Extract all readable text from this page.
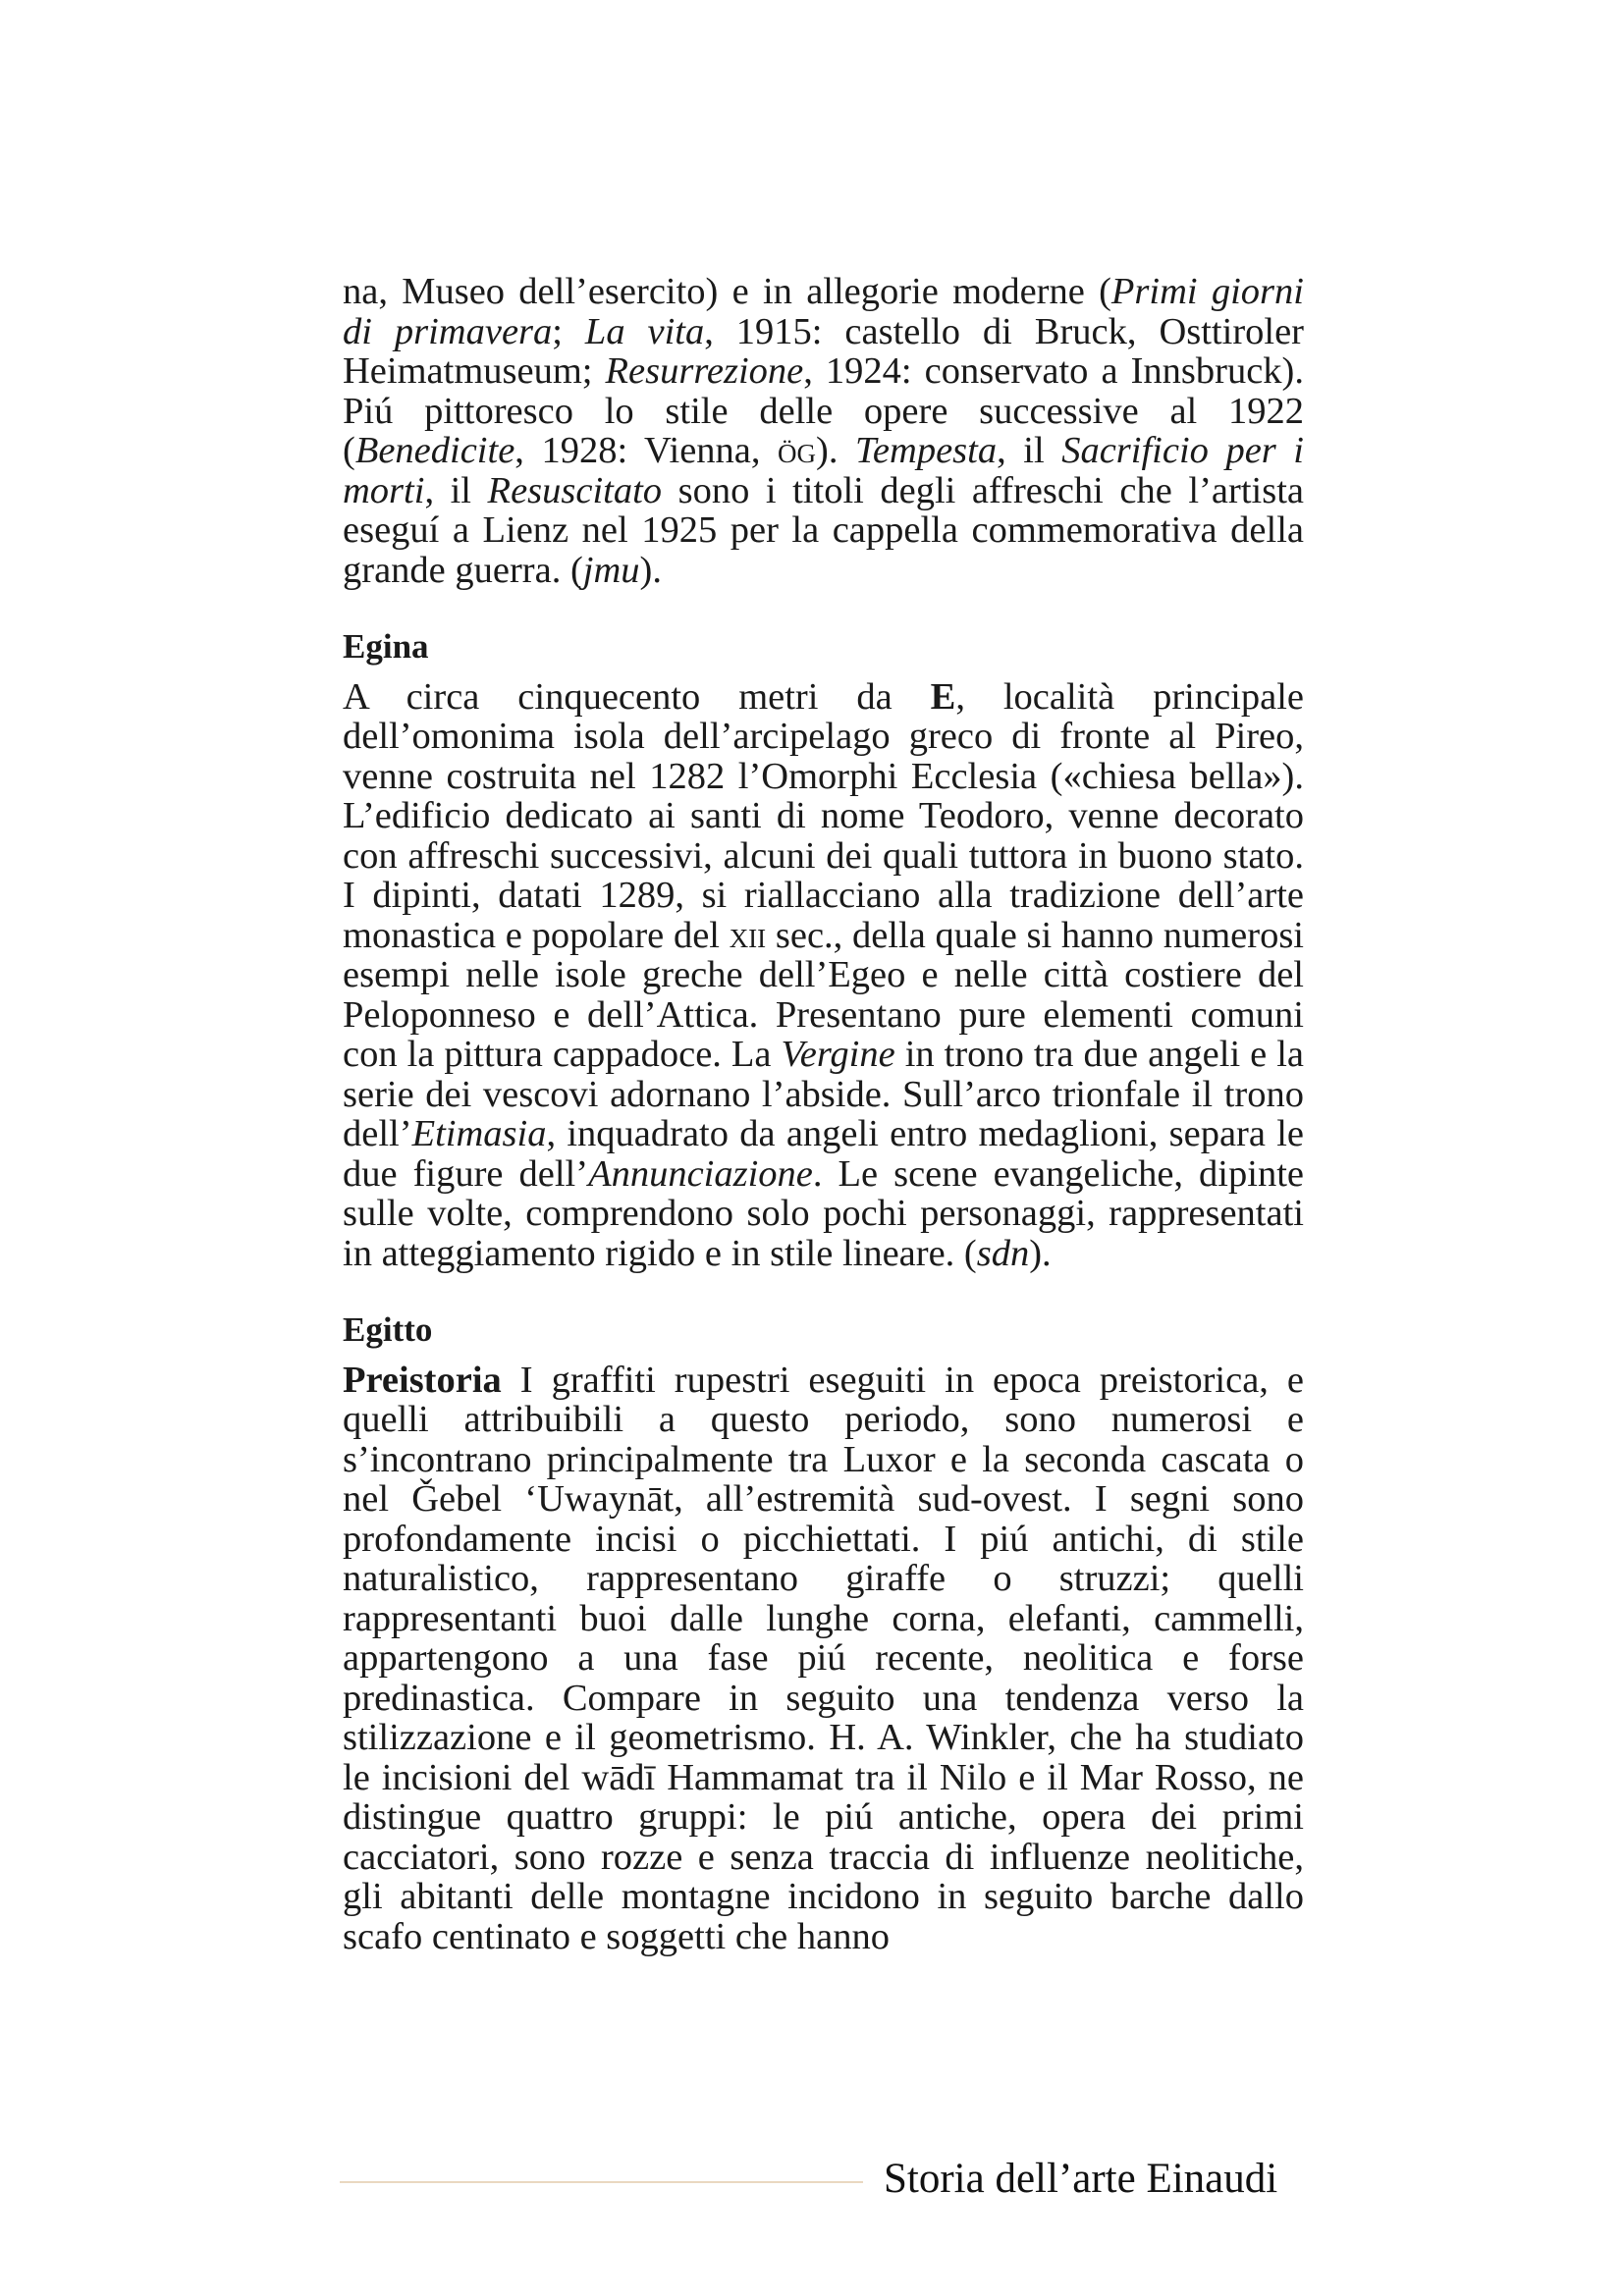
na, Museo dell’esercito) e in allegorie moderne (Primi giorni di primavera; La vita, 1915: castello di Bruck, Osttiroler Heimatmuseum; Resurrezione, 1924: conservato a Innsbruck). Piú pittoresco lo stile delle opere successive al 1922 (Benedicite, 1928: Vienna, ög). Tempesta, il Sacrificio per i morti, il Resuscitato sono i titoli degli affreschi che l’artista eseguí a Lienz nel 1925 per la cappella commemorativa della grande guerra. (jmu).

Egina

A circa cinquecento metri da E, località principale dell’omonima isola dell’arcipelago greco di fronte al Pireo, venne costruita nel 1282 l’Omorphi Ecclesia («chiesa bella»). L’edificio dedicato ai santi di nome Teodoro, venne decorato con affreschi successivi, alcuni dei quali tuttora in buono stato. I dipinti, datati 1289, si riallacciano alla tradizione dell’arte monastica e popolare del xii sec., della quale si hanno numerosi esempi nelle isole greche dell’Egeo e nelle città costiere del Peloponneso e dell’Attica. Presentano pure elementi comuni con la pittura cappadoce. La Vergine in trono tra due angeli e la serie dei vescovi adornano l’abside. Sull’arco trionfale il trono dell’Etimasia, inquadrato da angeli entro medaglioni, separa le due figure dell’Annunciazione. Le scene evangeliche, dipinte sulle volte, comprendono solo pochi personaggi, rappresentati in atteggiamento rigido e in stile lineare. (sdn).

Egitto

Preistoria I graffiti rupestri eseguiti in epoca preistorica, e quelli attribuibili a questo periodo, sono numerosi e s’incontrano principalmente tra Luxor e la seconda cascata o nel Ǧebel ‘Uwaynāt, all’estremità sud-ovest. I segni sono profondamente incisi o picchiettati. I piú antichi, di stile naturalistico, rappresentano giraffe o struzzi; quelli rappresentanti buoi dalle lunghe corna, elefanti, cammelli, appartengono a una fase piú recente, neolitica e forse predinastica. Compare in seguito una tendenza verso la stilizzazione e il geometrismo. H. A. Winkler, che ha studiato le incisioni del wādī Hammamat tra il Nilo e il Mar Rosso, ne distingue quattro gruppi: le piú antiche, opera dei primi cacciatori, sono rozze e senza traccia di influenze neolitiche, gli abitanti delle montagne incidono in seguito barche dallo scafo centinato e soggetti che hanno

Storia dell’arte Einaudi
